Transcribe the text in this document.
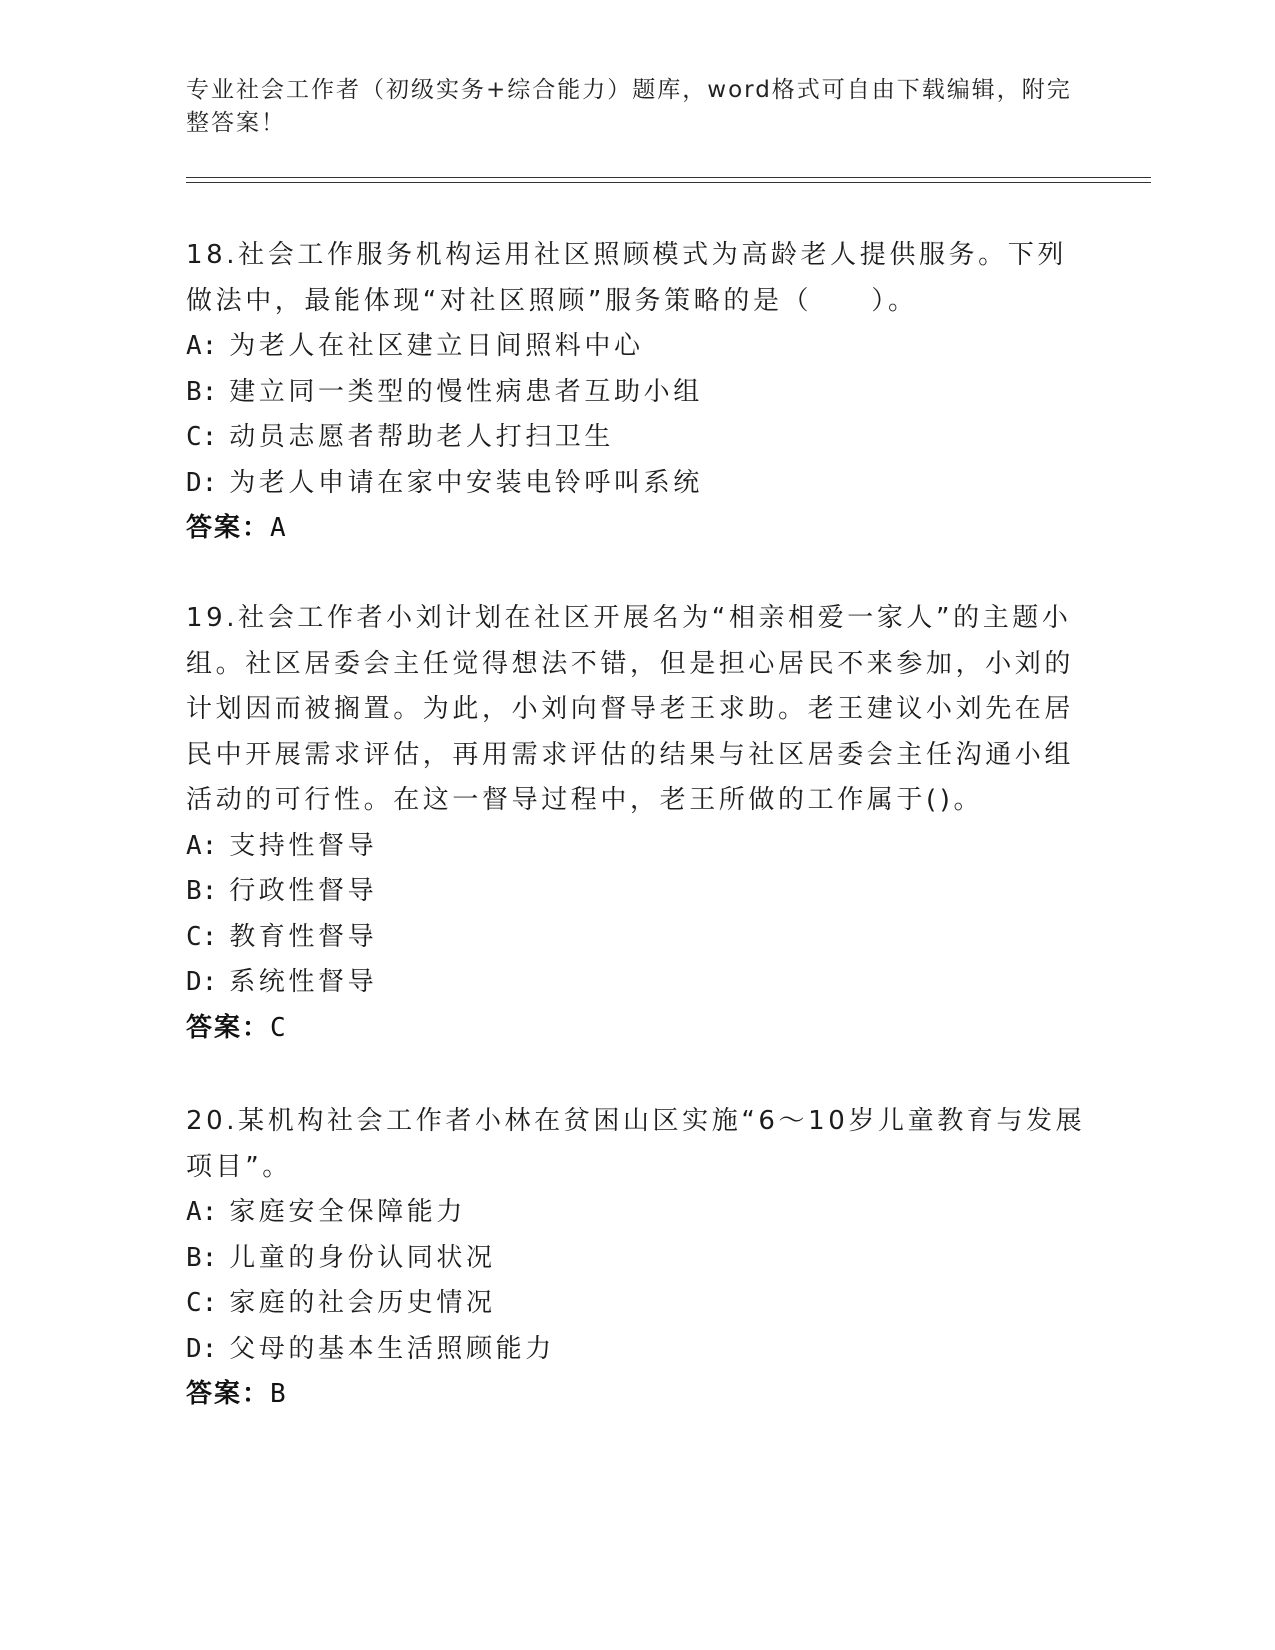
专业社会工作者（初级实务+综合能力）题库，word格式可自由下载编辑，附完整答案！
18.社会工作服务机构运用社区照顾模式为高龄老人提供服务。下列做法中，最能体现“对社区照顾”服务策略的是（　　）。
A: 为老人在社区建立日间照料中心
B: 建立同一类型的慢性病患者互助小组
C: 动员志愿者帮助老人打扫卫生
D: 为老人申请在家中安装电铃呼叫系统
答案：A
19.社会工作者小刘计划在社区开展名为“相亲相爱一家人”的主题小组。社区居委会主任觉得想法不错，但是担心居民不来参加，小刘的计划因而被搁置。为此，小刘向督导老王求助。老王建议小刘先在居民中开展需求评估，再用需求评估的结果与社区居委会主任沟通小组活动的可行性。在这一督导过程中，老王所做的工作属于()。
A: 支持性督导
B: 行政性督导
C: 教育性督导
D: 系统性督导
答案：C
20.某机构社会工作者小林在贫困山区实施“6～10岁儿童教育与发展项目”。
A: 家庭安全保障能力
B: 儿童的身份认同状况
C: 家庭的社会历史情况
D: 父母的基本生活照顾能力
答案：B
